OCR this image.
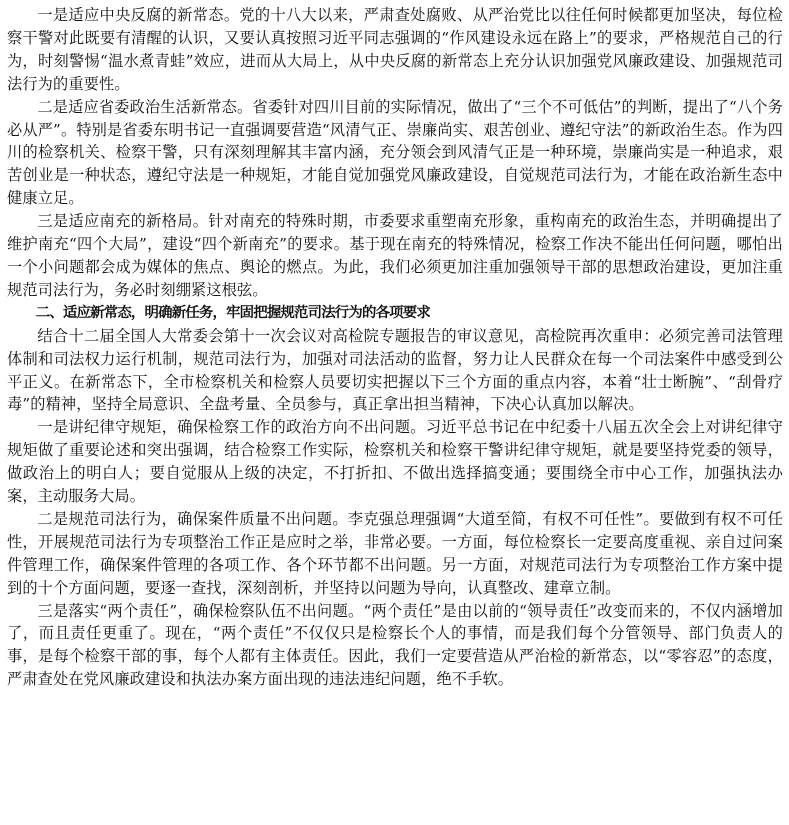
一是适应中央反腐的新常态。党的十八大以来，严肃查处腐败、从严治党比以往任何时候都更加坚决，每位检察干警对此既要有清醒的认识，又要认真按照习近平同志强调的“作风建设永远在路上”的要求，严格规范自己的行为，时刻警惕“温水煮青蛙”效应，进而从大局上，从中央反腐的新常态上充分认识加强党风廉政建设、加强规范司法行为的重要性。

二是适应省委政治生活新常态。省委针对四川目前的实际情况，做出了“三个不可低估”的判断，提出了“八个务必从严”。特别是省委东明书记一直强调要营造“风清气正、崇廉尚实、艰苦创业、遵纪守法”的新政治生态。作为四川的检察机关、检察干警，只有深刻理解其丰富内涵，充分领会到风清气正是一种环境，崇廉尚实是一种追求，艰苦创业是一种状态，遵纪守法是一种规矩，才能自觉加强党风廉政建设，自觉规范司法行为，才能在政治新生态中健康立足。

三是适应南充的新格局。针对南充的特殊时期，市委要求重塑南充形象，重构南充的政治生态，并明确提出了维护南充“四个大局”，建设“四个新南充”的要求。基于现在南充的特殊情况，检察工作决不能出任何问题，哪怕出一个小问题都会成为媒体的焦点、舆论的燃点。为此，我们必须更加注重加强领导干部的思想政治建设，更加注重规范司法行为，务必时刻绷紧这根弦。

二、适应新常态，明确新任务，牢固把握规范司法行为的各项要求

结合十二届全国人大常委会第十一次会议对高检院专题报告的审议意见，高检院再次重申：必须完善司法管理体制和司法权力运行机制，规范司法行为，加强对司法活动的监督，努力让人民群众在每一个司法案件中感受到公平正义。在新常态下，全市检察机关和检察人员要切实把握以下三个方面的重点内容，本着“壮士断腕”、“刮骨疗毒”的精神，坚持全局意识、全盘考量、全员参与，真正拿出担当精神，下决心认真加以解决。

一是讲纪律守规矩，确保检察工作的政治方向不出问题。习近平总书记在中纪委十八届五次全会上对讲纪律守规矩做了重要论述和突出强调，结合检察工作实际，检察机关和检察干警讲纪律守规矩，就是要坚持党委的领导，做政治上的明白人；要自觉服从上级的决定，不打折扣、不做出选择搞变通；要围绕全市中心工作，加强执法办案，主动服务大局。

二是规范司法行为，确保案件质量不出问题。李克强总理强调“大道至简，有权不可任性”。要做到有权不可任性，开展规范司法行为专项整治工作正是应时之举，非常必要。一方面，每位检察长一定要高度重视、亲自过问案件管理工作，确保案件管理的各项工作、各个环节都不出问题。另一方面，对规范司法行为专项整治工作方案中提到的十个方面问题，要逐一查找，深刻剖析，并坚持以问题为导向，认真整改、建章立制。

三是落实“两个责任”，确保检察队伍不出问题。“两个责任”是由以前的“领导责任”改变而来的，不仅内涵增加了，而且责任更重了。现在，“两个责任”不仅仅只是检察长个人的事情，而是我们每个分管领导、部门负责人的事，是每个检察干部的事，每个人都有主体责任。因此，我们一定要营造从严治检的新常态，以“零容忍”的态度，严肃查处在党风廉政建设和执法办案方面出现的违法违纪问题，绝不手软。
